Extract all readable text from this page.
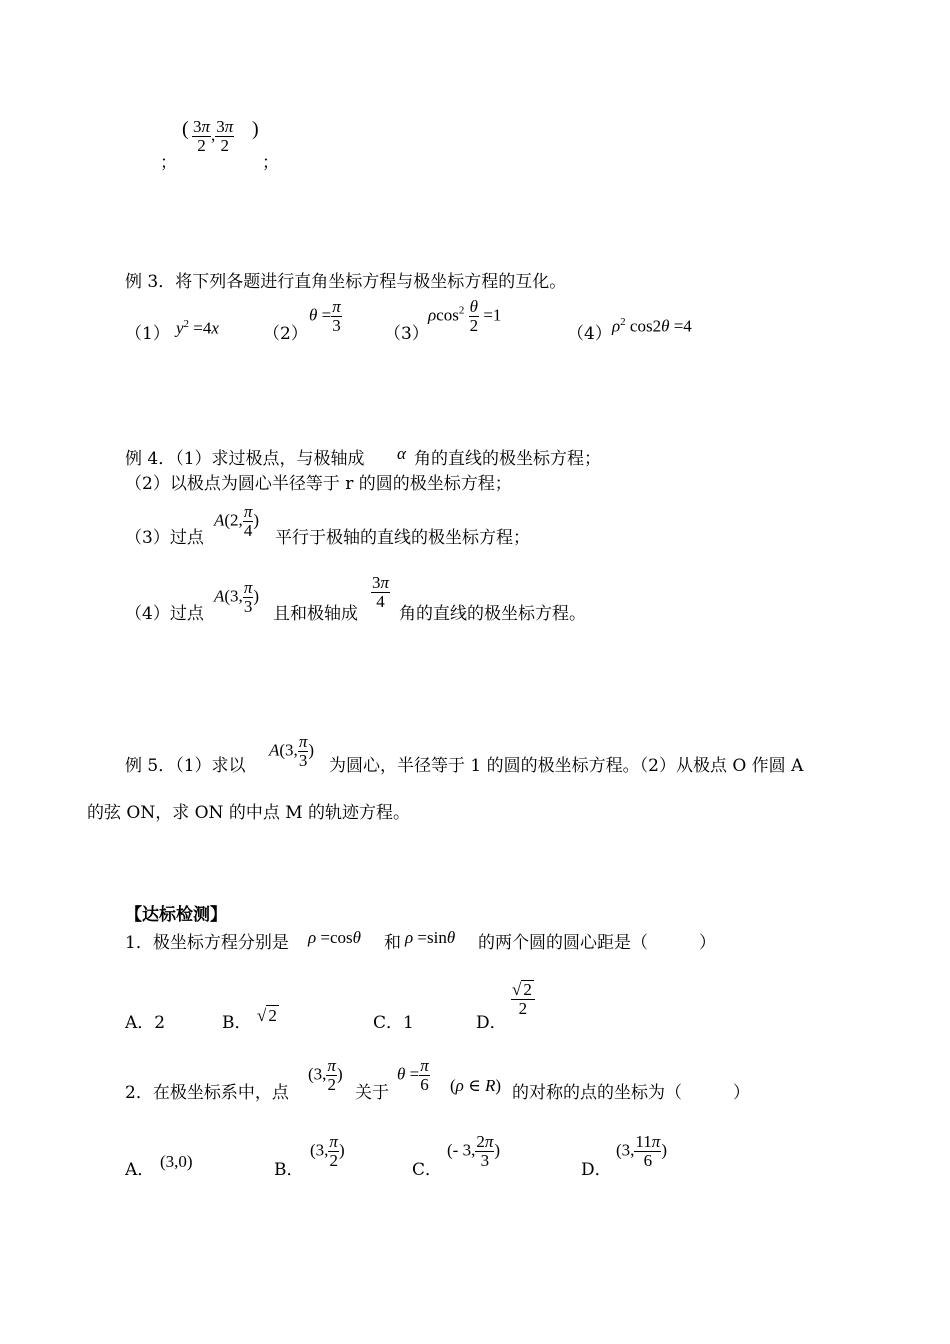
；
( $\frac{3\pi}{2}$ , $\frac{3\pi}{2}$ )
；
例 3．将下列各题进行直角坐标方程与极坐标方程的互化。
（1） $y^2 =4x$	（2）
$\theta = \frac{\pi}{3} (3)$
$\rho\cos^2 \frac{\theta}{2} =1$
（4） $\rho^2$ cos2θ =4
例 4．（1）求过极点，与极轴成 α 角的直线的极坐标方程；
（2）以极点为圆心半径等于 r 的圆的极坐标方程；
（3）过点
A(2, $\frac{\pi}{4}$ )
平行于极轴的直线的极坐标方程；
（4）过点
A(3, $\frac{\pi}{3}$ )
且和极轴成
$\frac{3\pi}{4}$
角的直线的极坐标方程。
例 5．（1）求以
A(3, $\frac{\pi}{3}$ )
为圆心，半径等于 1 的圆的极坐标方程。（2）从极点 O 作圆 A
的弦 ON，求 ON 的中点 M 的轨迹方程。
【达标检测】
1．极坐标方程分别是 ρ =cosθ 和 ρ =sinθ 的两个圆的圆心距是（　　　）
A．2	B． √ 2	C．1	D．
$\frac{√ 2}{2}$
2．在极坐标系中，点
(3, $\frac{\pi}{2}$ )
关于
$\theta = \frac{\pi}{6} (\rho$ ∈ R) 的对称的点的坐标为（　　　）
A． (3,0)	B．
(3, $\frac{\pi}{2}$ )
C．
(- 3, $\frac{2\pi}{3}$ )
D．
(3, $\frac{11\pi}{6}$ )
